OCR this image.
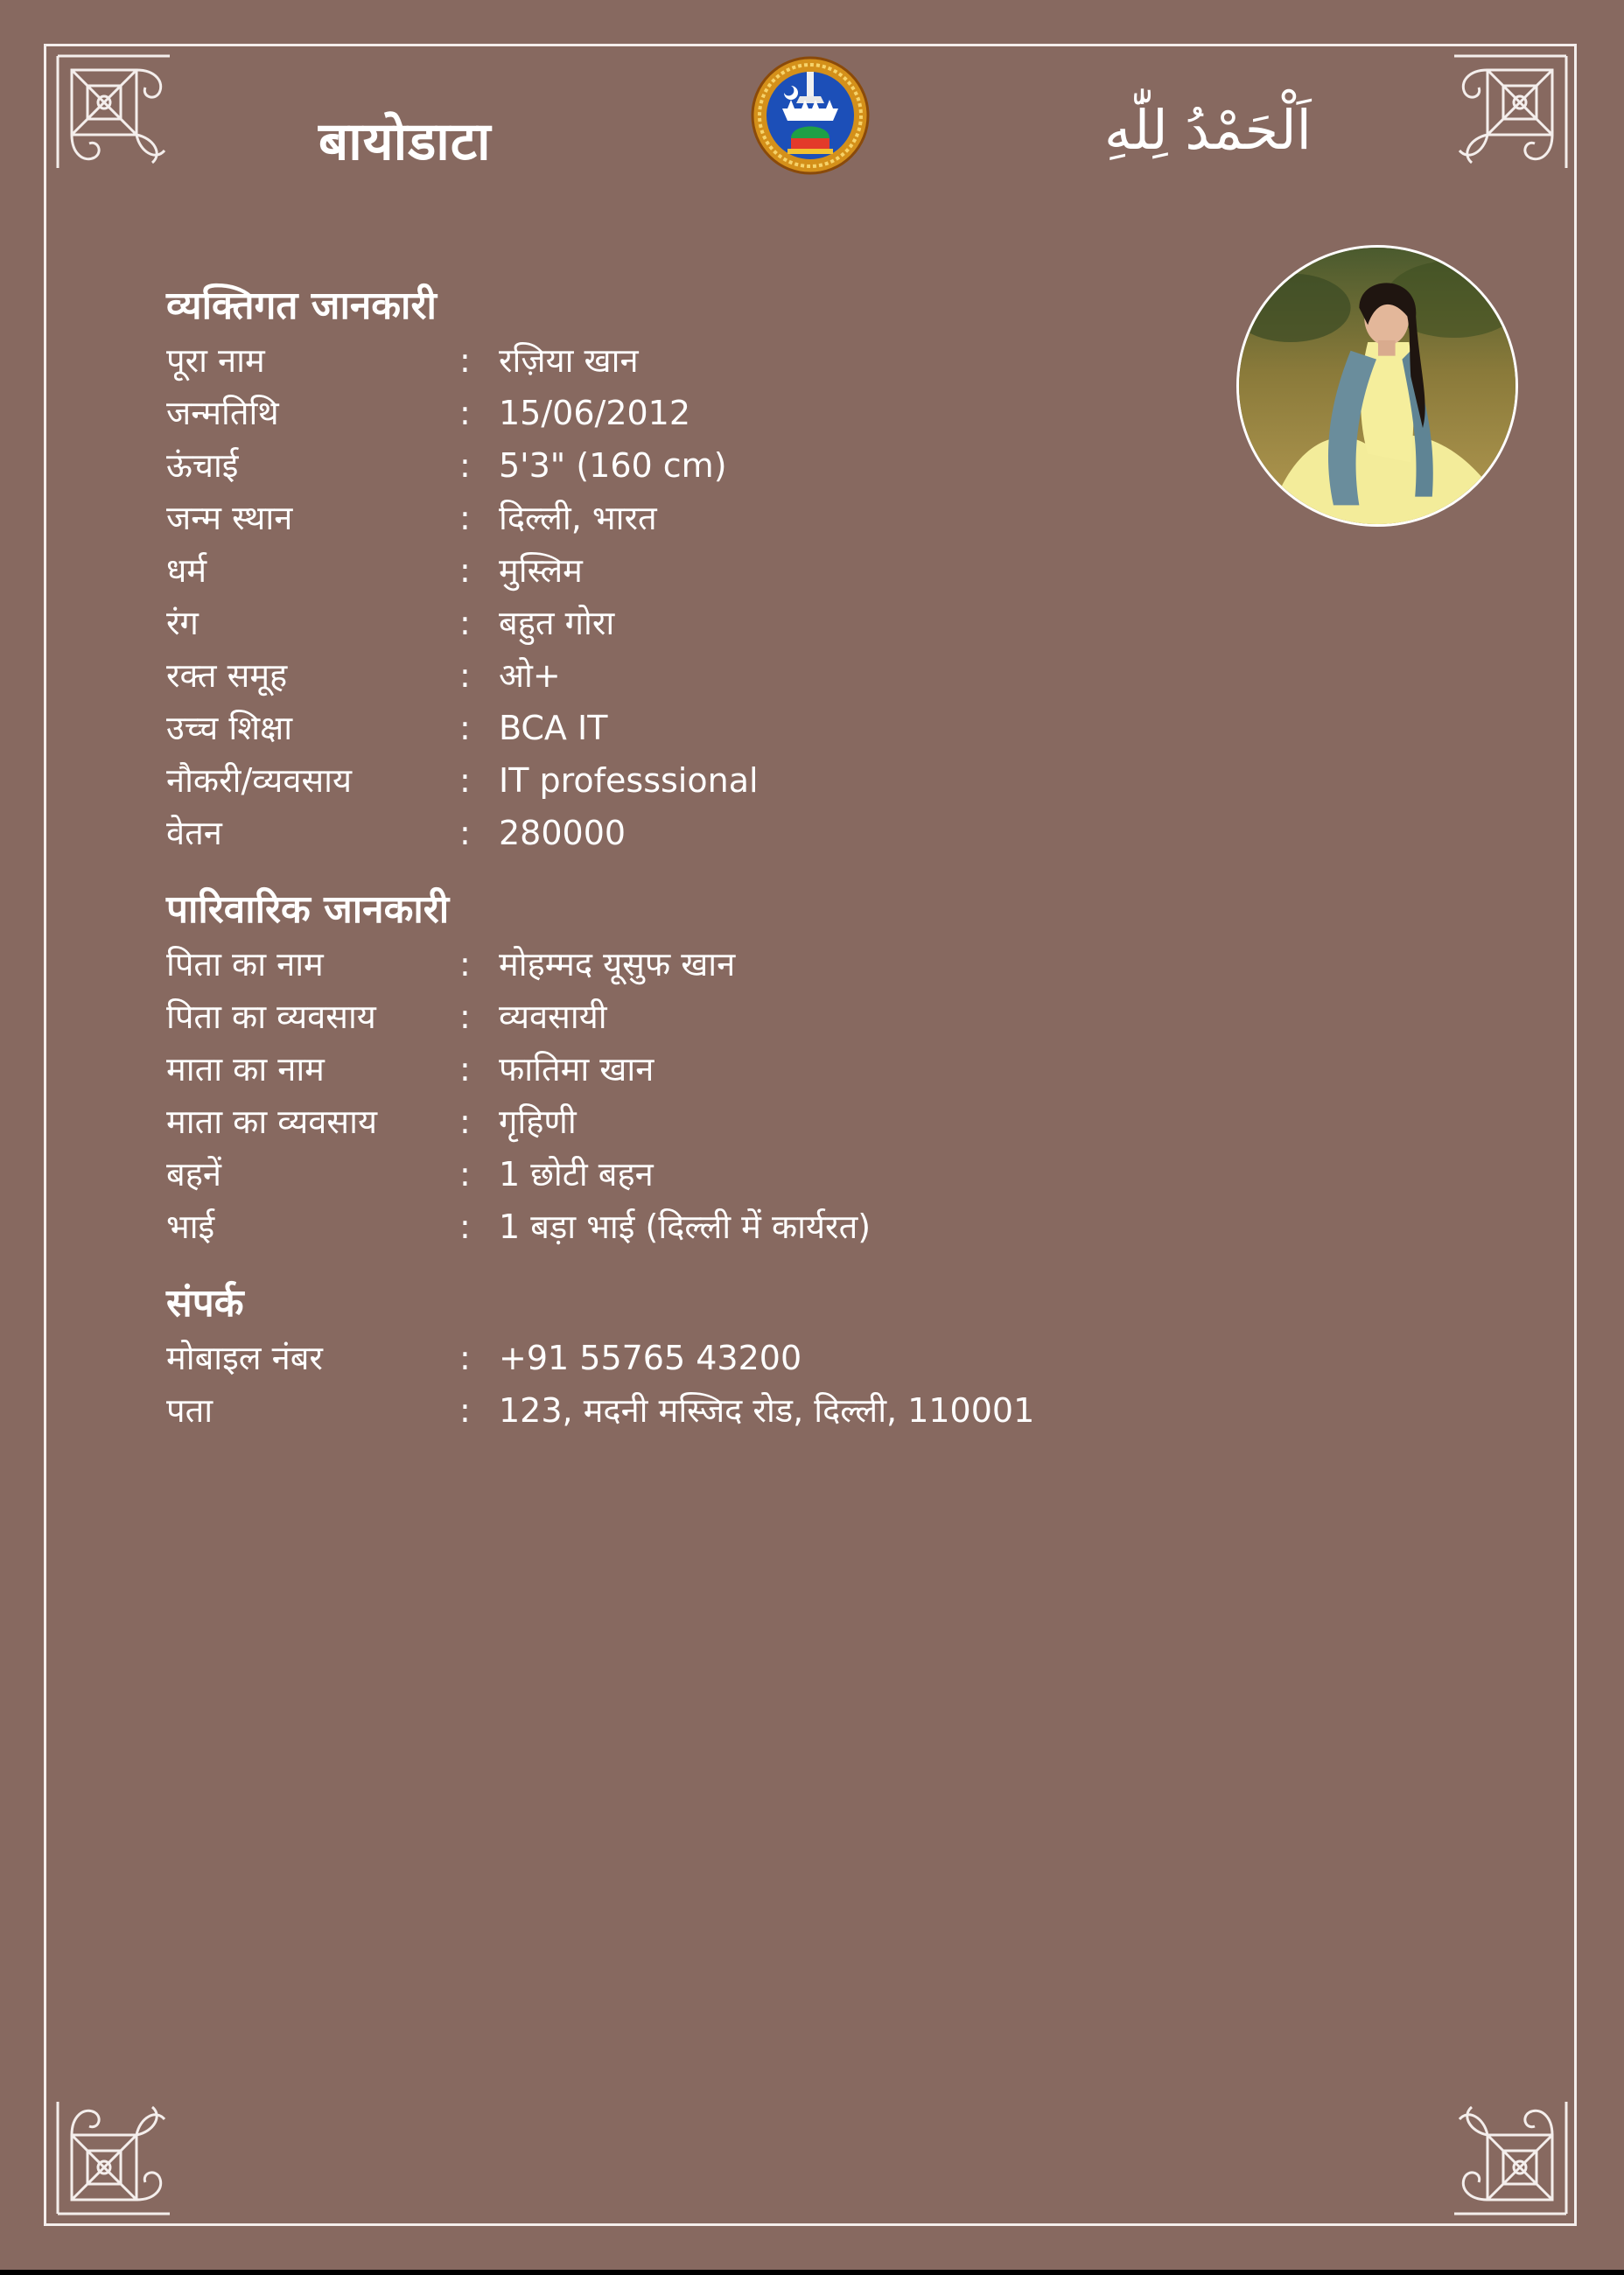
बायोडाटा	اَلْحَمْدُ لِلّٰهِ
व्यक्तिगत जानकारी
पूरा नाम	: रज़िया खान
जन्मतिथि	: 15/06/2012
ऊंचाई	: 5'3" (160 cm)
जन्म स्थान	: दिल्ली, भारत
धर्म	: मुस्लिम
रंग	: बहुत गोरा
रक्त समूह	: ओ+
उच्च शिक्षा	: BCA IT
नौकरी/व्यवसाय	: IT professsional
वेतन	: 280000
पारिवारिक जानकारी
पिता का नाम	: मोहम्मद यूसुफ खान
पिता का व्यवसाय	: व्यवसायी
माता का नाम	: फातिमा खान
माता का व्यवसाय	: गृहिणी
बहनें	: 1 छोटी बहन
भाई	: 1 बड़ा भाई (दिल्ली में कार्यरत)
संपर्क
मोबाइल नंबर	: +91 55765 43200
पता	: 123, मदनी मस्जिद रोड, दिल्ली, 110001
